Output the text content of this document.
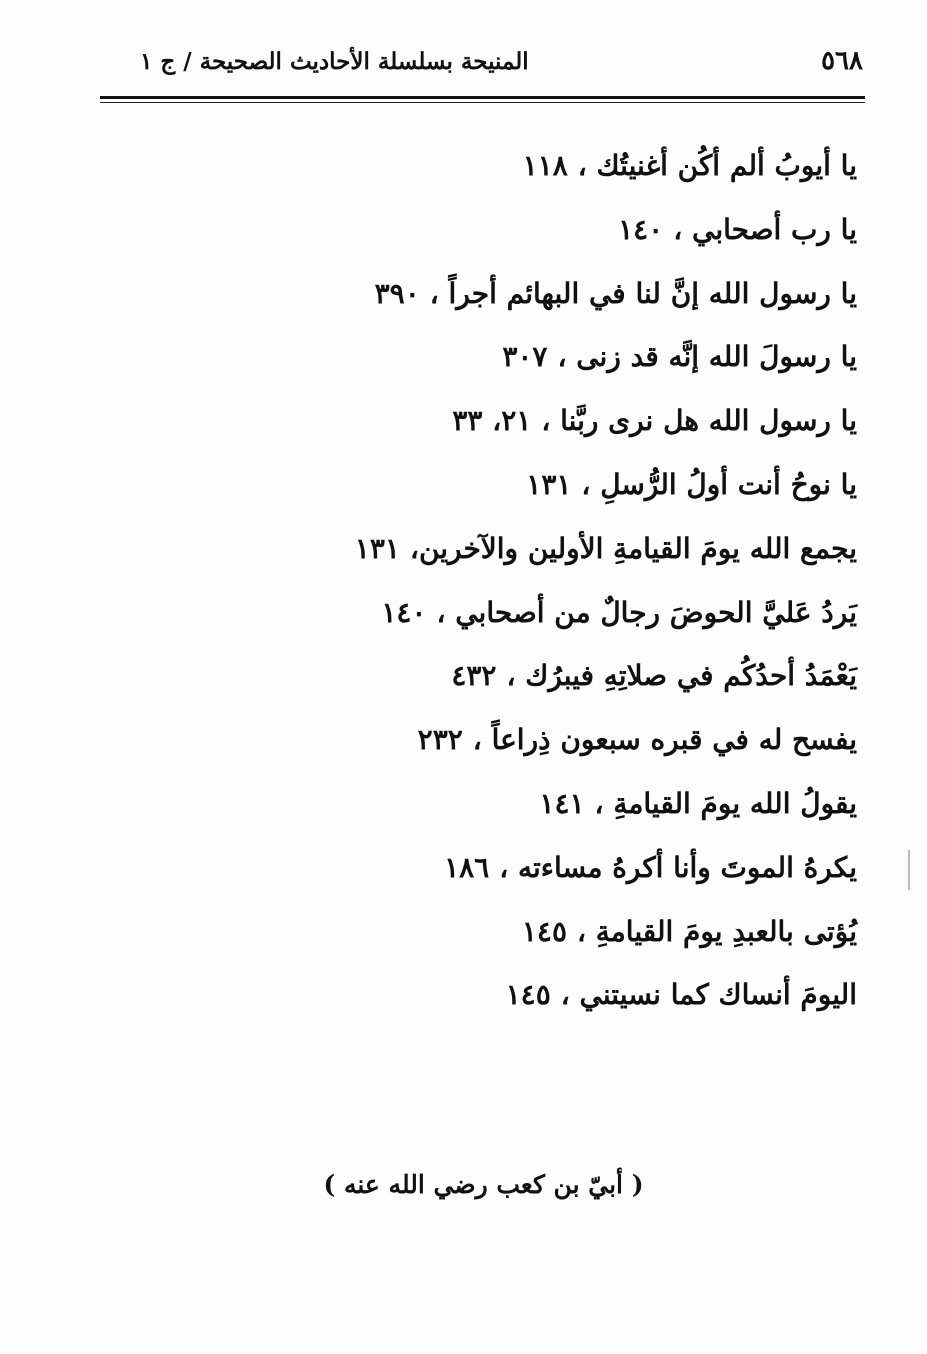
٥٦٨
المنيحة بسلسلة الأحاديث الصحيحة / ج ١
يا أيوبُ ألم أكُن أغنيتُك ،١١٨
يا رب أصحابي ،١٤٠
يا رسول الله إنَّ لنا في البهائم أجراً ،٣٩٠
يا رسولَ الله إنَّه قد زنى ،٣٠٧
يا رسول الله هل نرى ربَّنا ،٢١، ٣٣
يا نوحُ أنت أولُ الرُّسلِ ،١٣١
يجمع الله يومَ القيامةِ الأولين والآخرين،١٣١
يَردُ عَليَّ الحوضَ رجالٌ من أصحابي ،١٤٠
يَعْمَدُ أحدُكُم في صلاتِهِ فيبرُك ،٤٣٢
يفسح له في قبره سبعون ذِراعاً ،٢٣٢
يقولُ الله يومَ القيامةِ ،١٤١
يكرهُ الموتَ وأنا أكرهُ مساءته ،١٨٦
يُؤتى بالعبدِ يومَ القيامةِ ،١٤٥
اليومَ أنساك كما نسيتني ،١٤٥
( أبيّ بن كعب رضي الله عنه )
